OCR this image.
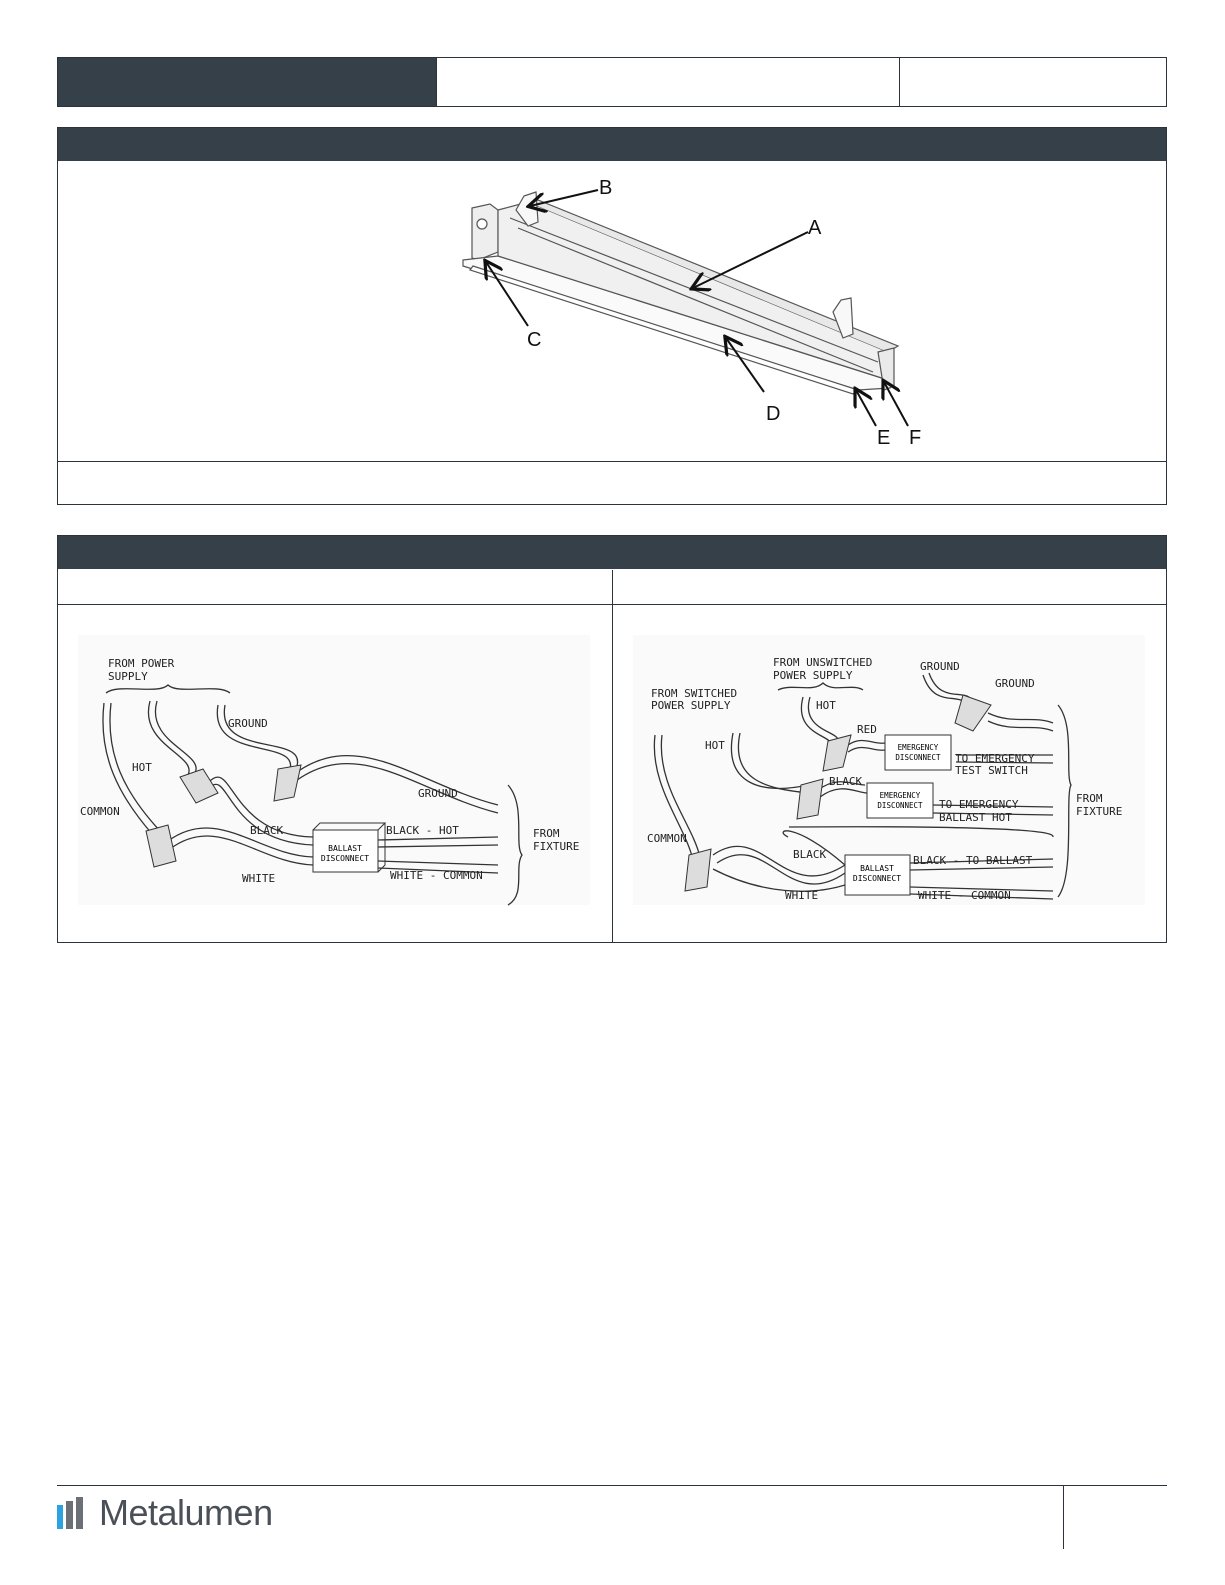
A
B
C
D
E F
BALLAST
DISCONNECT
FROM POWER
SUPPLY
GROUND
HOT
COMMON
GROUND
BLACK	BLACK - HOT
WHITE	WHITE - COMMON
FROM
FIXTURE
EMERGENCY
DISCONNECT
EMERGENCY
DISCONNECT
BALLAST
DISCONNECT
FROM UNSWITCHED
POWER SUPPLY
GROUND
GROUND
FROM SWITCHED
POWER SUPPLY	HOT
HOT
RED
TO EMERGENCY
TEST SWITCH
BLACK
TO EMERGENCY
BALLAST HOT
FROM
FIXTURE
COMMON
BLACK	BLACK - TO BALLAST
WHITE	WHITE - COMMON
Metalumen
